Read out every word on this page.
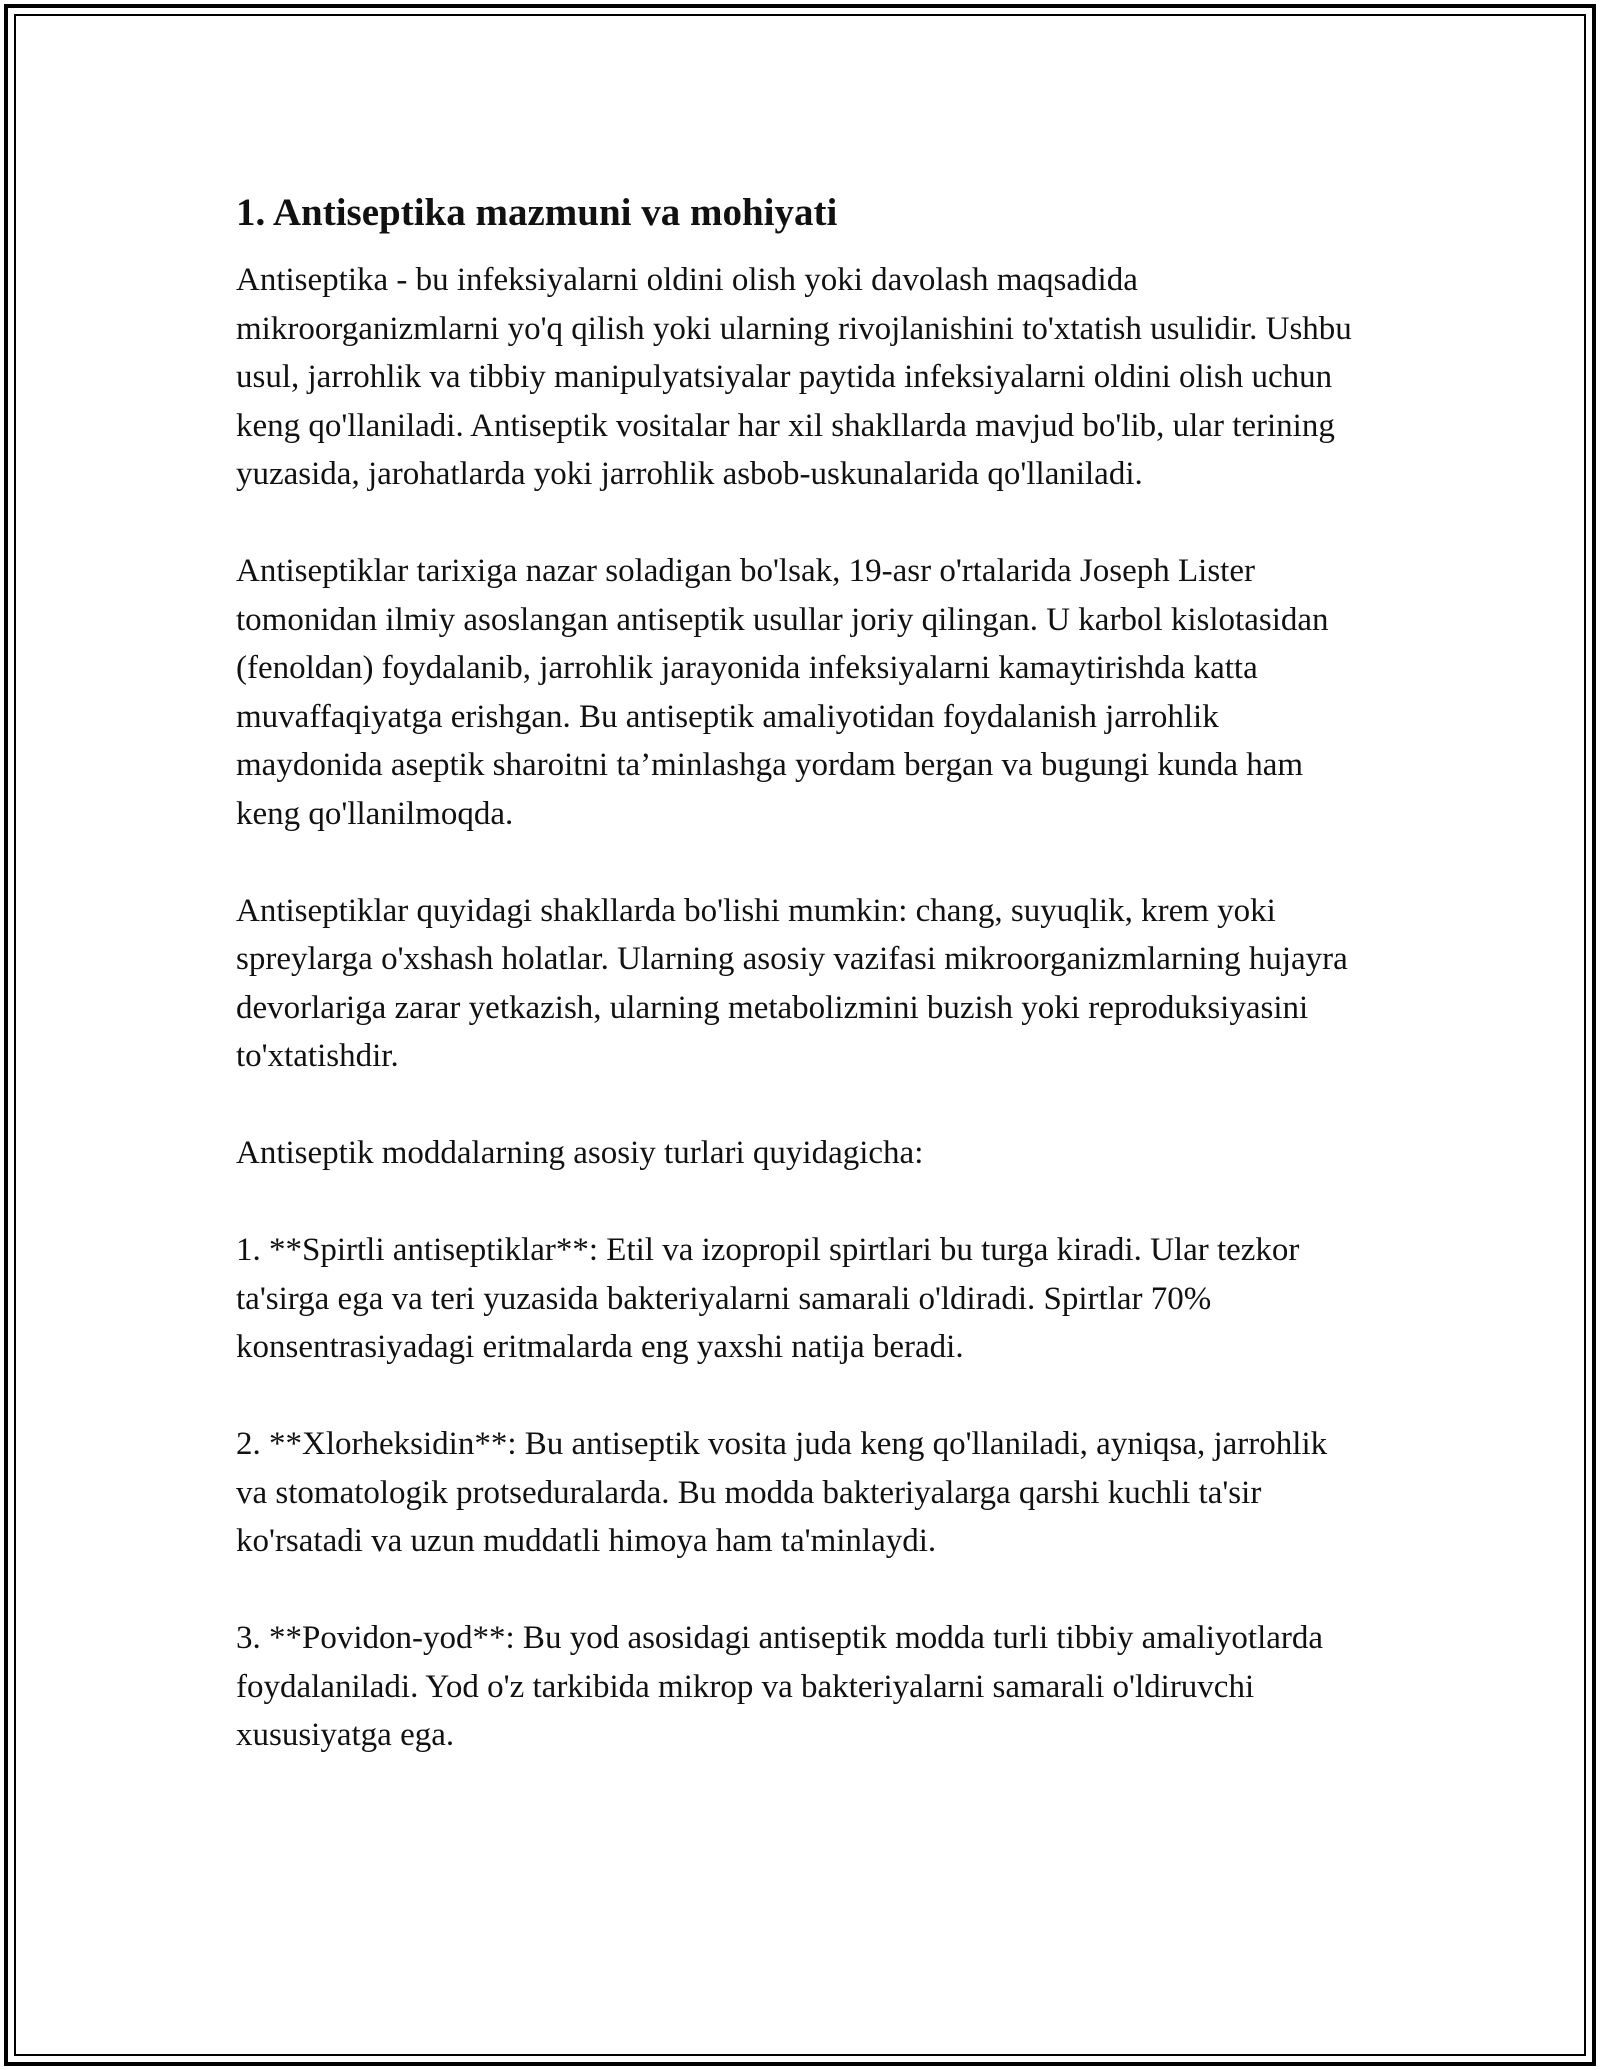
1. Antiseptika mazmuni va mohiyati

Antiseptika - bu infeksiyalarni oldini olish yoki davolash maqsadida mikroorganizmlarni yo'q qilish yoki ularning rivojlanishini to'xtatish usulidir. Ushbu usul, jarrohlik va tibbiy manipulyatsiyalar paytida infeksiyalarni oldini olish uchun keng qo'llaniladi. Antiseptik vositalar har xil shakllarda mavjud bo'lib, ular terining yuzasida, jarohatlarda yoki jarrohlik asbob-uskunalarida qo'llaniladi.

Antiseptiklar tarixiga nazar soladigan bo'lsak, 19-asr o'rtalarida Joseph Lister tomonidan ilmiy asoslangan antiseptik usullar joriy qilingan. U karbol kislotasidan (fenoldan) foydalanib, jarrohlik jarayonida infeksiyalarni kamaytirishda katta muvaffaqiyatga erishgan. Bu antiseptik amaliyotidan foydalanish jarrohlik maydonida aseptik sharoitni ta’minlashga yordam bergan va bugungi kunda ham keng qo'llanilmoqda.

Antiseptiklar quyidagi shakllarda bo'lishi mumkin: chang, suyuqlik, krem yoki spreylarga o'xshash holatlar. Ularning asosiy vazifasi mikroorganizmlarning hujayra devorlariga zarar yetkazish, ularning metabolizmini buzish yoki reproduksiyasini to'xtatishdir.

Antiseptik moddalarning asosiy turlari quyidagicha:

1. **Spirtli antiseptiklar**: Etil va izopropil spirtlari bu turga kiradi. Ular tezkor ta'sirga ega va teri yuzasida bakteriyalarni samarali o'ldiradi. Spirtlar 70% konsentrasiyadagi eritmalarda eng yaxshi natija beradi.

2. **Xlorheksidin**: Bu antiseptik vosita juda keng qo'llaniladi, ayniqsa, jarrohlik va stomatologik protseduralarda. Bu modda bakteriyalarga qarshi kuchli ta'sir ko'rsatadi va uzun muddatli himoya ham ta'minlaydi.

3. **Povidon-yod**: Bu yod asosidagi antiseptik modda turli tibbiy amaliyotlarda foydalaniladi. Yod o'z tarkibida mikrop va bakteriyalarni samarali o'ldiruvchi xususiyatga ega.
